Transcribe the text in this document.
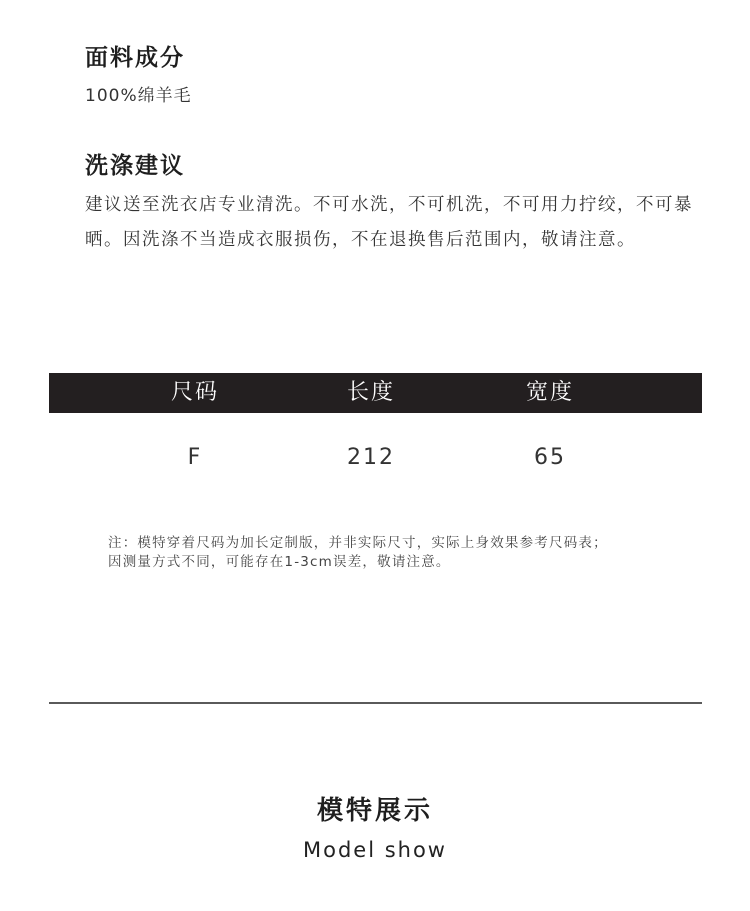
面料成分
100%绵羊毛
洗涤建议
建议送至洗衣店专业清洗。不可水洗，不可机洗，不可用力拧绞，不可暴晒。因洗涤不当造成衣服损伤，不在退换售后范围内，敬请注意。
尺码	长度	宽度
F	212	65
注：模特穿着尺码为加长定制版，并非实际尺寸，实际上身效果参考尺码表；
因测量方式不同，可能存在1-3cm误差，敬请注意。
模特展示
Model show
